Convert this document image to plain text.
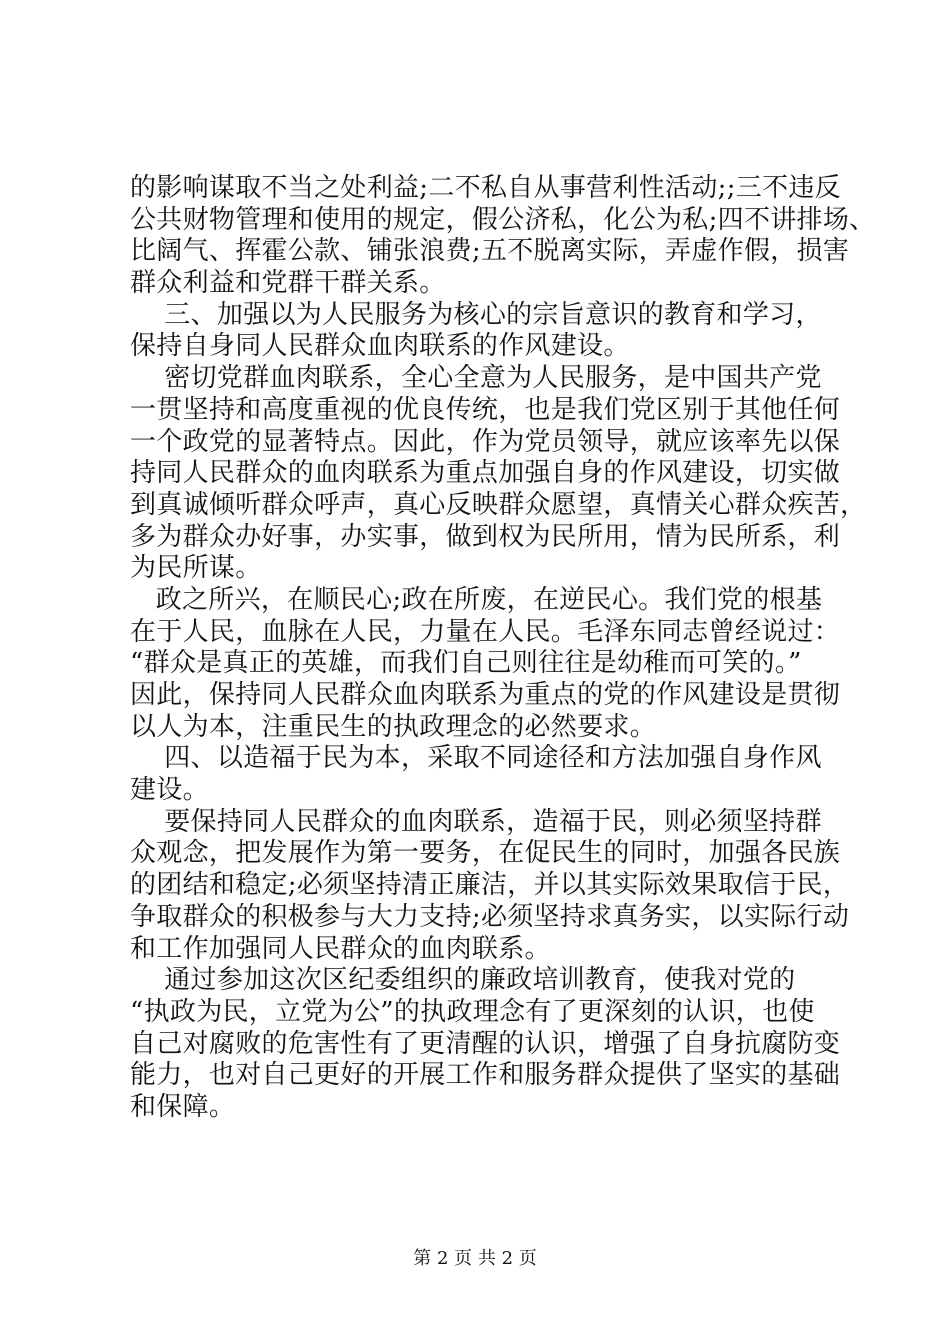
的影响谋取不当之处利益;二不私自从事营利性活动;;三不违反
公共财物管理和使用的规定，假公济私，化公为私;四不讲排场、
比阔气、挥霍公款、铺张浪费;五不脱离实际，弄虚作假，损害
群众利益和党群干群关系。
三、加强以为人民服务为核心的宗旨意识的教育和学习，
保持自身同人民群众血肉联系的作风建设。
密切党群血肉联系，全心全意为人民服务，是中国共产党
一贯坚持和高度重视的优良传统，也是我们党区别于其他任何
一个政党的显著特点。因此，作为党员领导，就应该率先以保
持同人民群众的血肉联系为重点加强自身的作风建设，切实做
到真诚倾听群众呼声，真心反映群众愿望，真情关心群众疾苦，
多为群众办好事，办实事，做到权为民所用，情为民所系，利
为民所谋。
政之所兴，在顺民心;政在所废，在逆民心。我们党的根基
在于人民，血脉在人民，力量在人民。毛泽东同志曾经说过：
“群众是真正的英雄，而我们自己则往往是幼稚而可笑的。”
因此，保持同人民群众血肉联系为重点的党的作风建设是贯彻
以人为本，注重民生的执政理念的必然要求。
四、以造福于民为本，采取不同途径和方法加强自身作风
建设。
要保持同人民群众的血肉联系，造福于民，则必须坚持群
众观念，把发展作为第一要务，在促民生的同时，加强各民族
的团结和稳定;必须坚持清正廉洁，并以其实际效果取信于民，
争取群众的积极参与大力支持;必须坚持求真务实，以实际行动
和工作加强同人民群众的血肉联系。
通过参加这次区纪委组织的廉政培训教育，使我对党的
“执政为民，立党为公”的执政理念有了更深刻的认识，也使
自己对腐败的危害性有了更清醒的认识，增强了自身抗腐防变
能力，也对自己更好的开展工作和服务群众提供了坚实的基础
和保障。
第 2 页 共 2 页
